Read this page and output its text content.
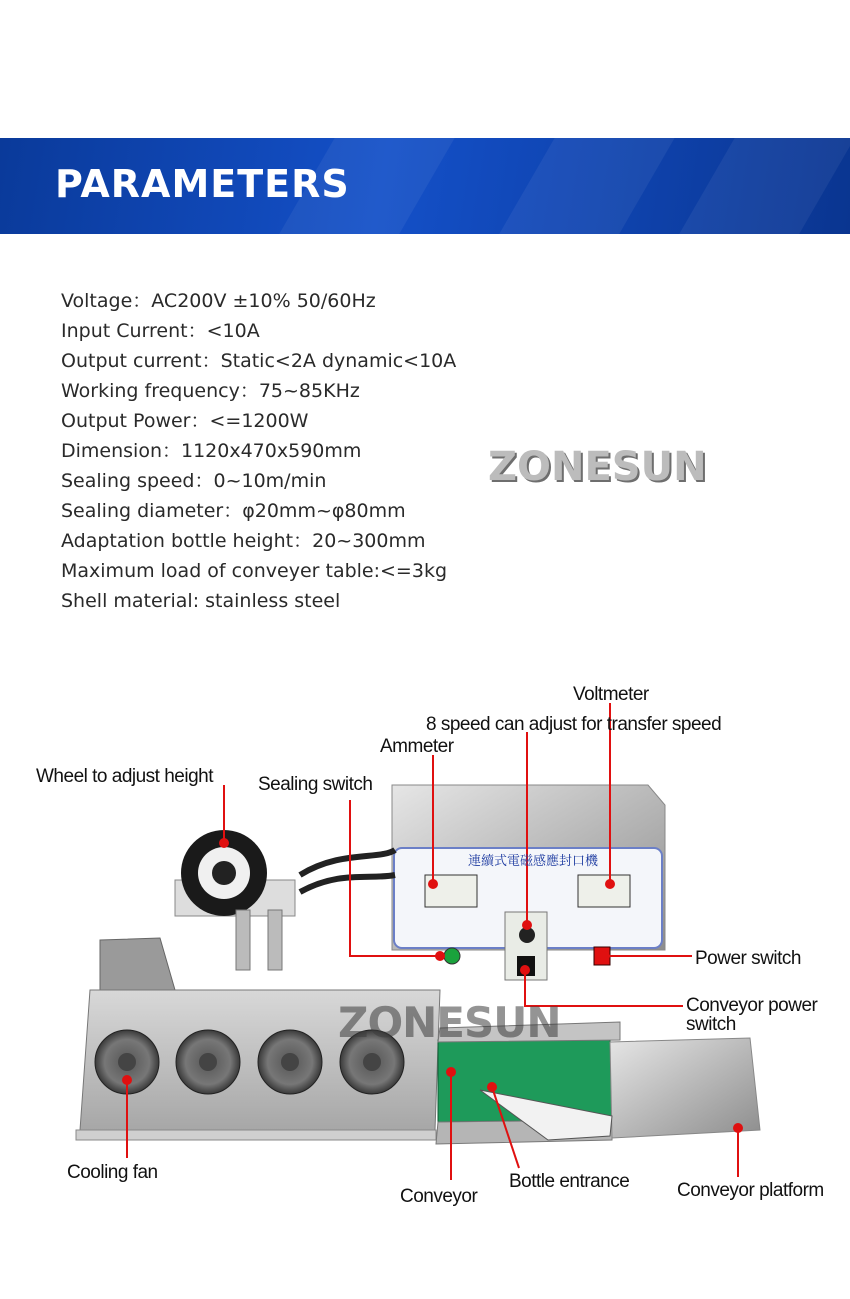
PARAMETERS
Voltage：AC200V ±10% 50/60Hz
Input Current：<10A
Output current：Static<2A dynamic<10A
Working frequency：75~85KHz
Output Power：<=1200W
Dimension：1120x470x590mm
Sealing speed：0~10m/min
Sealing diameter：φ20mm~φ80mm
Adaptation bottle height：20~300mm
Maximum load of conveyer table:<=3kg
Shell material: stainless steel
ZONESUN
連續式電磁感應封口機
ZONESUN
Voltmeter
8 speed can adjust for transfer speed
Ammeter
Wheel to adjust height Sealing switch
Power switch
Conveyor power
switch
Cooling fan
Conveyor
Bottle entrance	Conveyor platform
